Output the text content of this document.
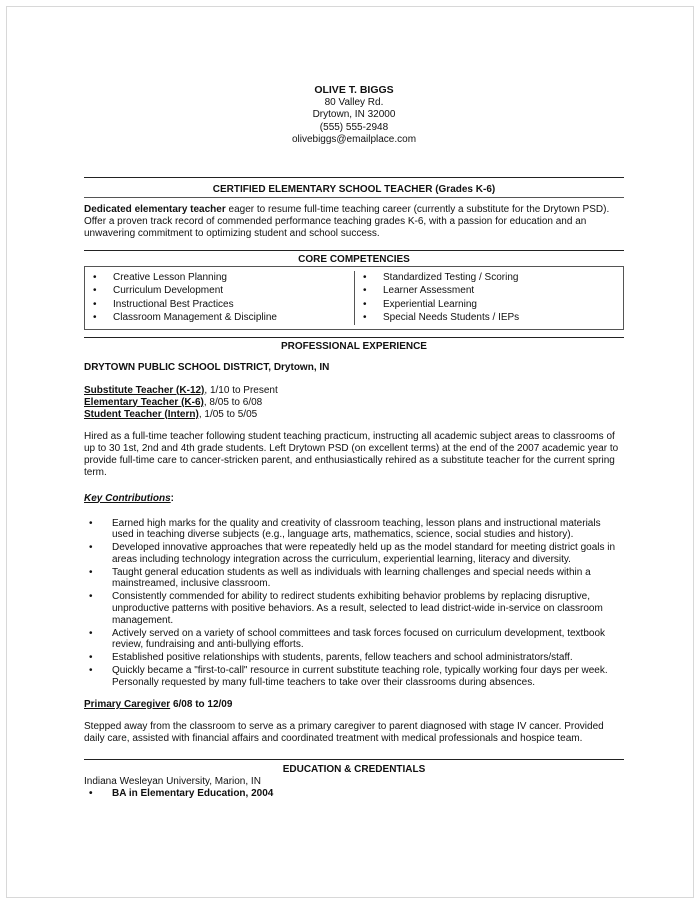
OLIVE T. BIGGS
80 Valley Rd.
Drytown, IN 32000
(555) 555-2948
olivebiggs@emailplace.com
CERTIFIED ELEMENTARY SCHOOL TEACHER (Grades K-6)

Dedicated elementary teacher eager to resume full-time teaching career (currently a substitute for the Drytown PSD). Offer a proven track record of commended performance teaching grades K-6, with a passion for education and an unwavering commitment to optimizing student and school success.

CORE COMPETENCIES
• Creative Lesson Planning
• Curriculum Development
• Instructional Best Practices
• Classroom Management & Discipline
• Standardized Testing / Scoring
• Learner Assessment
• Experiential Learning
• Special Needs Students / IEPs
PROFESSIONAL EXPERIENCE

DRYTOWN PUBLIC SCHOOL DISTRICT, Drytown, IN

Substitute Teacher (K-12), 1/10 to Present
Elementary Teacher (K-6), 8/05 to 6/08
Student Teacher (Intern), 1/05 to 5/05

Hired as a full-time teacher following student teaching practicum, instructing all academic subject areas to classrooms of up to 30 1st, 2nd and 4th grade students. Left Drytown PSD (on excellent terms) at the end of the 2007 academic year to provide full-time care to cancer-stricken parent, and enthusiastically rehired as a substitute teacher for the current spring term.

Key Contributions:

• Earned high marks for the quality and creativity of classroom teaching, lesson plans and instructional materials used in teaching diverse subjects (e.g., language arts, mathematics, science, social studies and history).
• Developed innovative approaches that were repeatedly held up as the model standard for meeting district goals in areas including technology integration across the curriculum, experiential learning, literacy and diversity.
• Taught general education students as well as individuals with learning challenges and special needs within a mainstreamed, inclusive classroom.
• Consistently commended for ability to redirect students exhibiting behavior problems by replacing disruptive, unproductive patterns with positive behaviors. As a result, selected to lead district-wide in-service on classroom management.
• Actively served on a variety of school committees and task forces focused on curriculum development, textbook review, fundraising and anti-bullying efforts.
• Established positive relationships with students, parents, fellow teachers and school administrators/staff.
• Quickly became a "first-to-call" resource in current substitute teaching role, typically working four days per week. Personally requested by many full-time teachers to take over their classrooms during absences.

Primary Caregiver 6/08 to 12/09

Stepped away from the classroom to serve as a primary caregiver to parent diagnosed with stage IV cancer. Provided daily care, assisted with financial affairs and coordinated treatment with medical professionals and hospice team.

EDUCATION & CREDENTIALS

Indiana Wesleyan University, Marion, IN

• BA in Elementary Education, 2004
